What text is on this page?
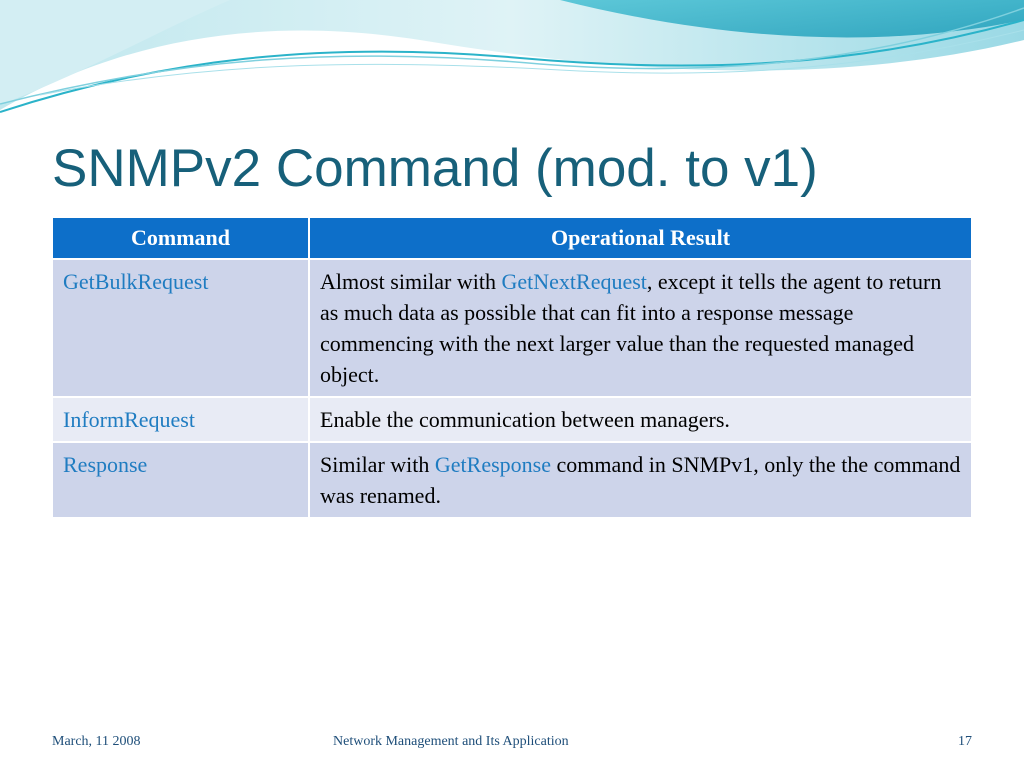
SNMPv2 Command (mod. to v1)
Command	Operational Result
GetBulkRequest	Almost similar with GetNextRequest, except it tells the agent to return as much data as possible that can fit into a response message commencing with the next larger value than the requested managed object.
InformRequest	Enable the communication between managers.
Response	Similar with GetResponse command in SNMPv1, only the the command was renamed.
March, 11 2008	Network Management and Its Application	17
